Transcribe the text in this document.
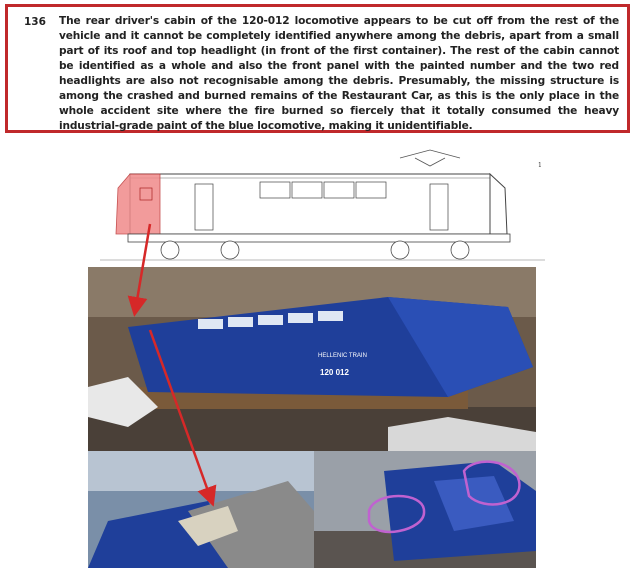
136 The rear driver's cabin of the 120-012 locomotive appears to be cut off from the rest of the vehicle and it cannot be completely identified anywhere among the debris, apart from a small part of its roof and top headlight (in front of the first container). The rest of the cabin cannot be identified as a whole and also the front panel with the painted number and the two red headlights are also not recognisable among the debris. Presumably, the missing structure is among the crashed and burned remains of the Restaurant Car, as this is the only place in the whole accident site where the fire burned so fiercely that it totally consumed the heavy industrial-grade paint of the blue locomotive, making it unidentifiable.
1
HELLENIC TRAIN
120 012
